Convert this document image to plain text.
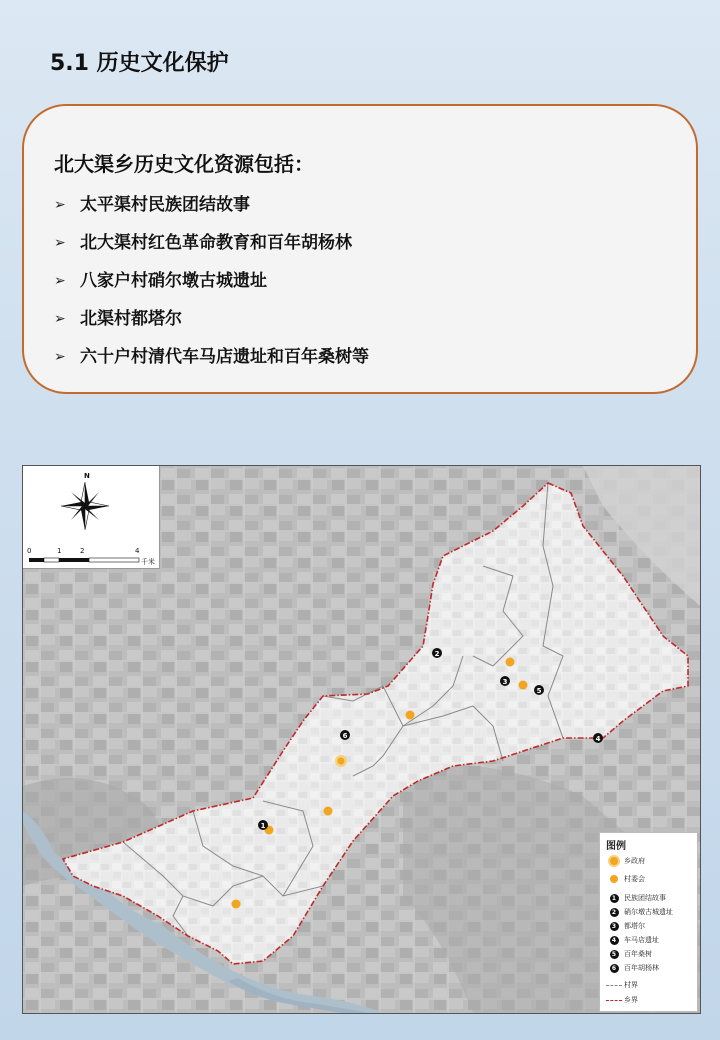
5.1 历史文化保护
北大渠乡历史文化资源包括：
➢ 太平渠村民族团结故事
➢ 北大渠村红色革命教育和百年胡杨林
➢ 八家户村硝尔墩古城遗址
➢ 北渠村都塔尔
➢ 六十户村清代车马店遗址和百年桑树等
1
2
3
4
5
6
N
0	1	2	4
千米
图例
乡政府
村委会
1	民族团结故事
2	硝尔墩古城遗址
3	都塔尔
4	车马店遗址
5	百年桑树
6	百年胡杨林
村界
乡界
